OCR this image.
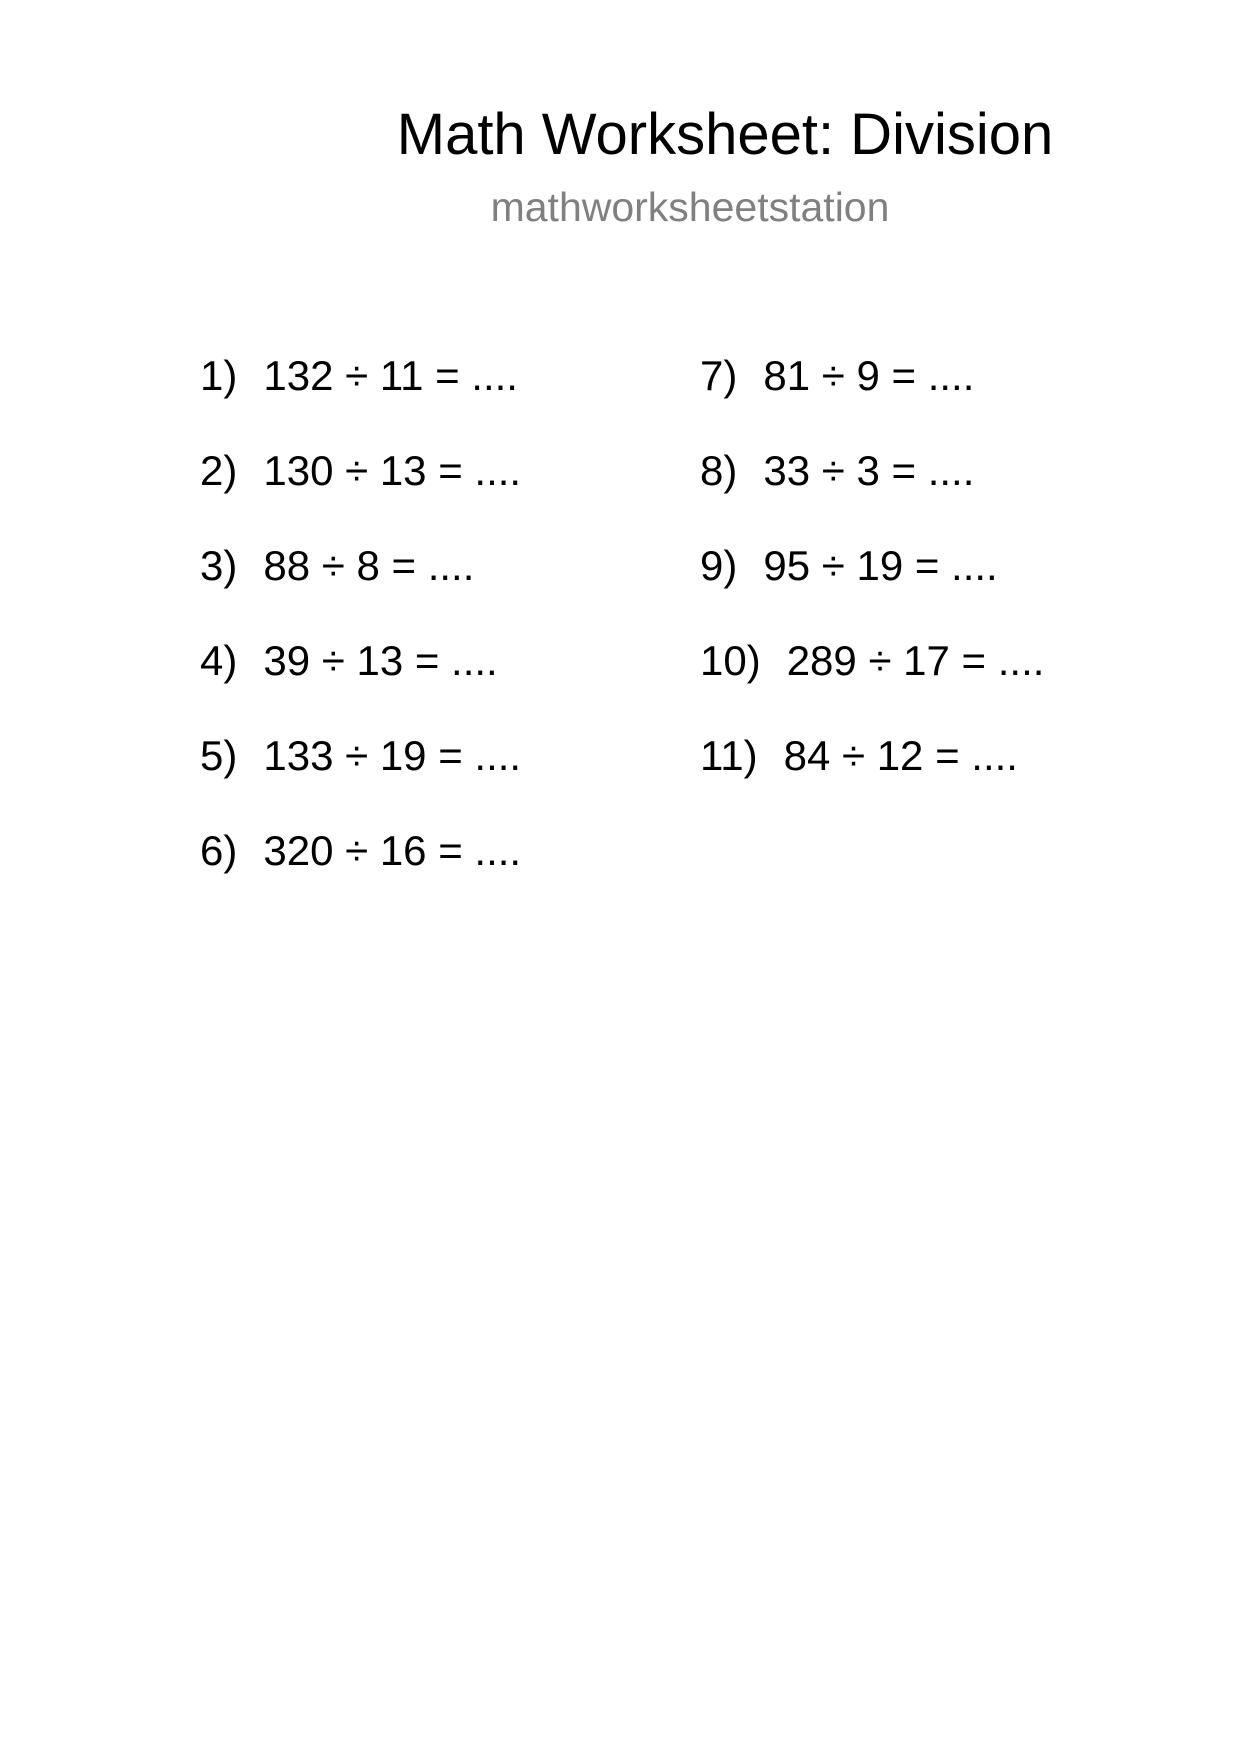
Math Worksheet: Division
mathworksheetstation
1) 132 ÷ 11 = ....
2) 130 ÷ 13 = ....
3) 88 ÷ 8 = ....
4) 39 ÷ 13 = ....
5) 133 ÷ 19 = ....
6) 320 ÷ 16 = ....
7) 81 ÷ 9 = ....
8) 33 ÷ 3 = ....
9) 95 ÷ 19 = ....
10) 289 ÷ 17 = ....
11) 84 ÷ 12 = ....
